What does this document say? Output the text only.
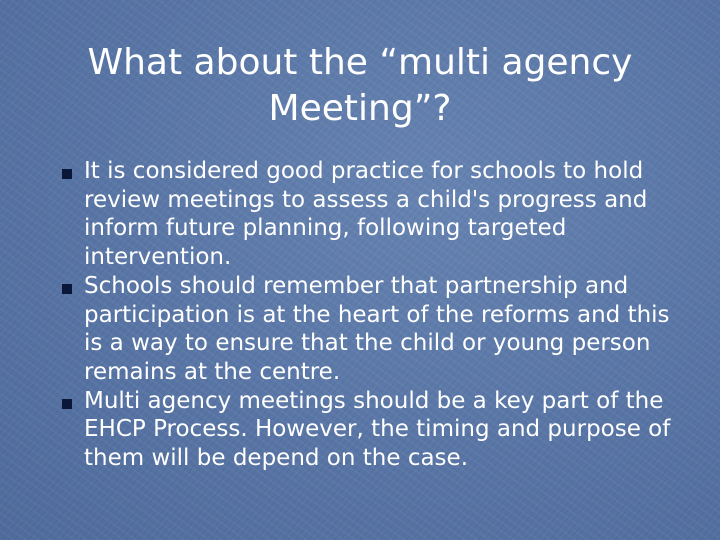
What about the “multi agency
Meeting”?
It is considered good practice for schools to hold review meetings to assess a child's progress and inform future planning, following targeted intervention.
Schools should remember that partnership and participation is at the heart of the reforms and this is a way to ensure that the child or young person remains at the centre.
Multi agency meetings should be a key part of the EHCP Process. However, the timing and purpose of them will be depend on the case.
